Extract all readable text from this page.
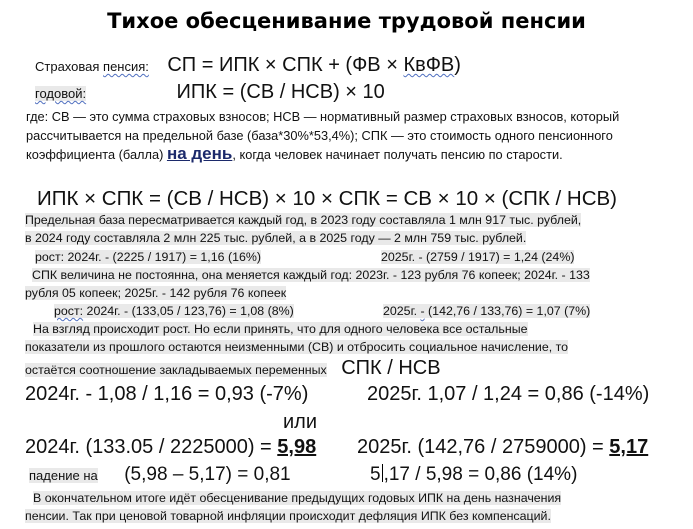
Тихое обесценивание трудовой пенсии
Страховая пенсия: СП = ИПК × СПК + (ФВ × КвФВ)
годовой:	ИПК = (СВ / НСВ) × 10

где: СВ — это сумма страховых взносов; НСВ — нормативный размер страховых взносов, который рассчитывается на предельной базе (база*30%*53,4%); СПК — это стоимость одного пенсионного коэффициента (балла) на день, когда человек начинает получать пенсию по старости.

ИПК × СПК = (СВ / НСВ) × 10 × СПК = СВ × 10 × (СПК / НСВ)
Предельная база пересматривается каждый год, в 2023 году составляла 1 млн 917 тыс. рублей,
в 2024 году составляла 2 млн 225 тыс. рублей, а в 2025 году — 2 млн 759 тыс. рублей.
рост: 2024г. - (2225 / 1917) = 1,16 (16%)	2025г. - (2759 / 1917) = 1,24 (24%)
СПК величина не постоянна, она меняется каждый год: 2023г. - 123 рубля 76 копеек; 2024г. - 133
рубля 05 копеек; 2025г. - 142 рубля 76 копеек
рост: 2024г. - (133,05 / 123,76) = 1,08 (8%)	2025г. - (142,76 / 133,76) = 1,07 (7%)
На взгляд происходит рост. Но если принять, что для одного человека все остальные
показатели из прошлого остаются неизменными (СВ) и отбросить социальное начисление, то
остаётся соотношение закладываемых переменных СПК / НСВ
2024г. - 1,08 / 1,16 = 0,93 (-7%)	2025г. 1,07 / 1,24 = 0,86 (-14%)
или
2024г. (133.05 / 2225000) = 5,98 2025г. (142,76 / 2759000) = 5,17
падение на (5,98 – 5,17) = 0,81	5 ,17 / 5,98 = 0,86 (14%)
В окончательном итоге идёт обесценивание предыдущих годовых ИПК на день назначения
пенсии. Так при ценовой товарной инфляции происходит дефляция ИПК без компенсаций.
